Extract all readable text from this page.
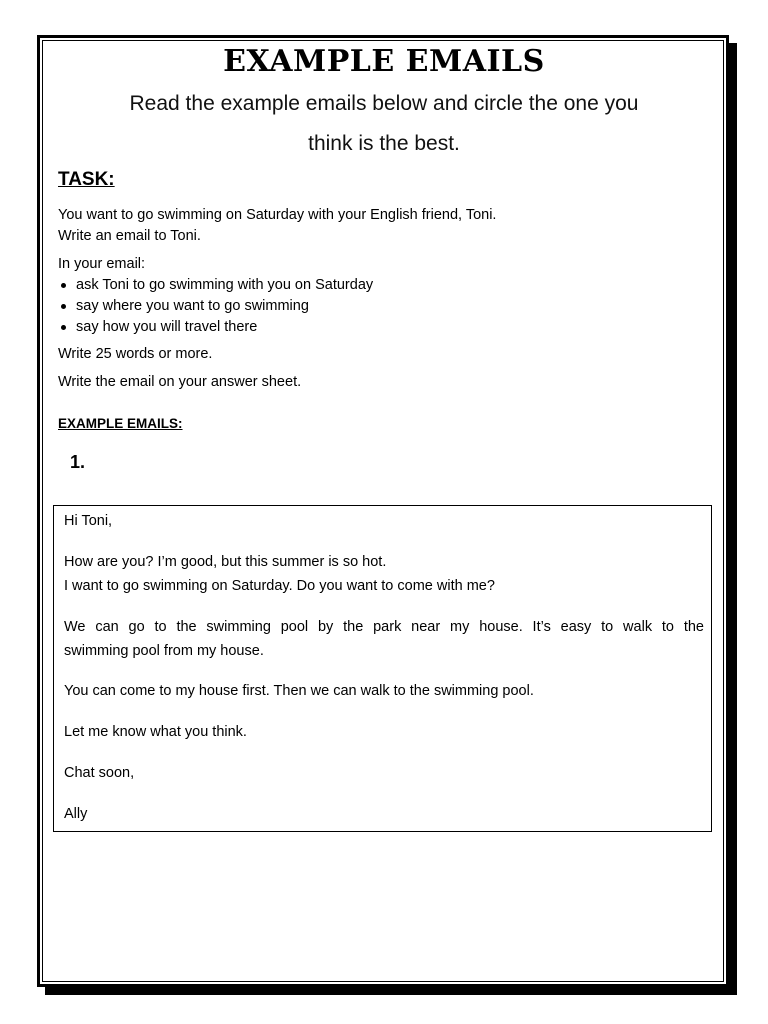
EXAMPLE EMAILS
Read the example emails below and circle the one you
think is the best.
TASK:
You want to go swimming on Saturday with your English friend, Toni.
Write an email to Toni.
In your email:
ask Toni to go swimming with you on Saturday
say where you want to go swimming
say how you will travel there
Write 25 words or more.
Write the email on your answer sheet.
EXAMPLE EMAILS:
1.
Hi Toni,
How are you? I’m good, but this summer is so hot.
I want to go swimming on Saturday. Do you want to come with me?
We can go to the swimming pool by the park near my house. It’s easy to walk to the
swimming pool from my house.
You can come to my house first. Then we can walk to the swimming pool.
Let me know what you think.
Chat soon,
Ally
